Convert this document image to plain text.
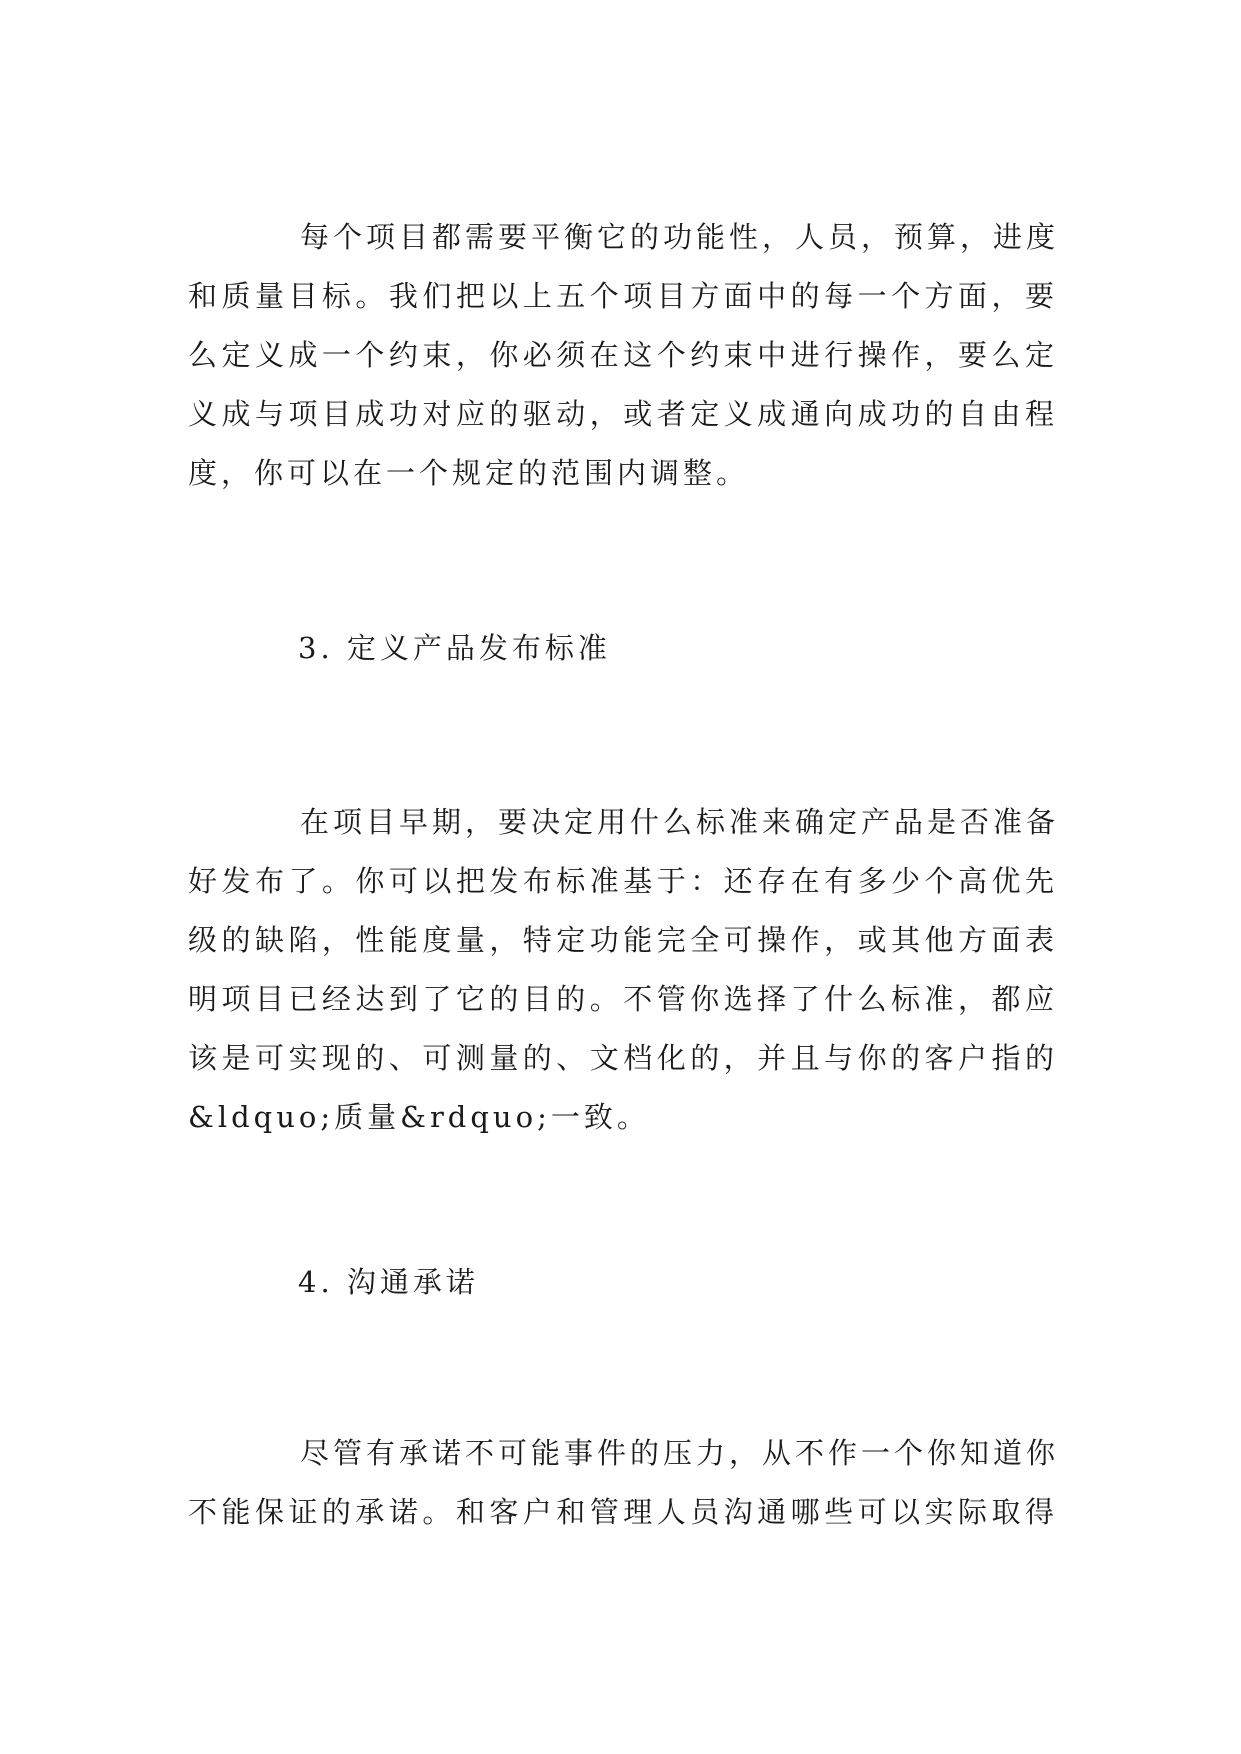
每个项目都需要平衡它的功能性，人员，预算，进度
和质量目标。我们把以上五个项目方面中的每一个方面，要
么定义成一个约束，你必须在这个约束中进行操作，要么定
义成与项目成功对应的驱动，或者定义成通向成功的自由程
度，你可以在一个规定的范围内调整。
3. 定义产品发布标准
在项目早期，要决定用什么标准来确定产品是否准备
好发布了。你可以把发布标准基于：还存在有多少个高优先
级的缺陷，性能度量，特定功能完全可操作，或其他方面表
明项目已经达到了它的目的。不管你选择了什么标准，都应
该是可实现的、可测量的、文档化的，并且与你的客户指的
&ldquo;质量&rdquo;一致。
4. 沟通承诺
尽管有承诺不可能事件的压力，从不作一个你知道你
不能保证的承诺。和客户和管理人员沟通哪些可以实际取得
